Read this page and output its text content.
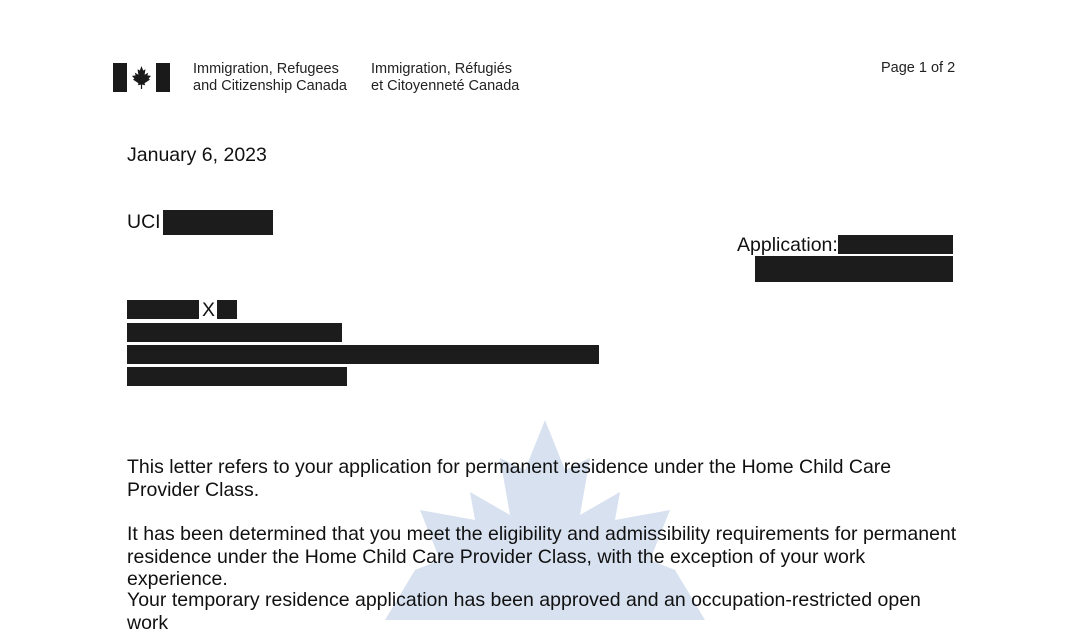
Immigration, Refugees
and Citizenship Canada
Immigration, Réfugiés
et Citoyenneté Canada
Page 1 of 2
January 6, 2023
UCI
Application:
X

This letter refers to your application for permanent residence under the Home Child Care Provider Class.

It has been determined that you meet the eligibility and admissibility requirements for permanent residence under the Home Child Care Provider Class, with the exception of your work experience.

Your temporary residence application has been approved and an occupation-restricted open work
